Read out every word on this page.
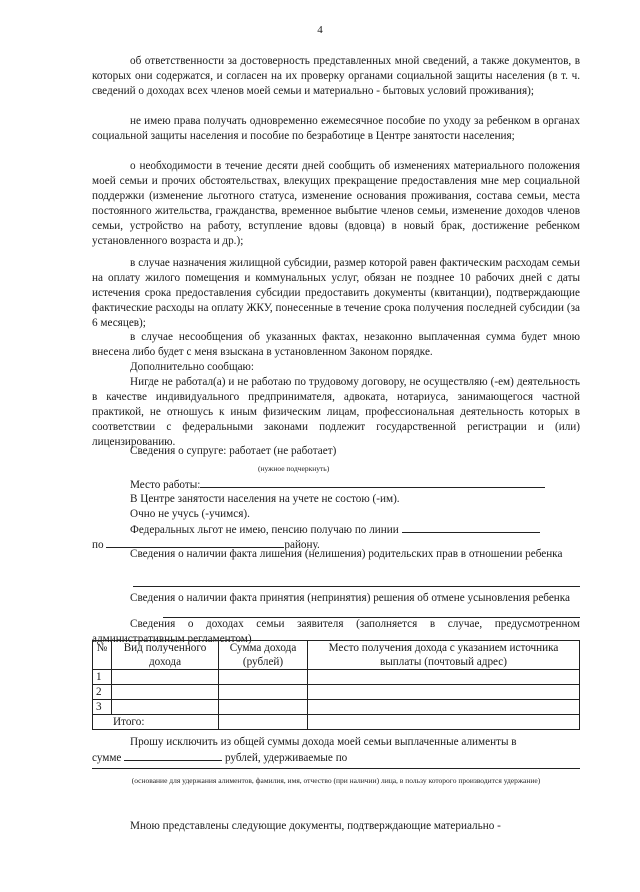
4
об ответственности за достоверность представленных мной сведений, а также документов, в которых они содержатся, и согласен на их проверку органами социальной защиты населения (в т. ч. сведений о доходах всех членов моей семьи и материально - бытовых условий проживания);
не имею права получать одновременно ежемесячное пособие по уходу за ребенком в органах социальной защиты населения и пособие по безработице в Центре занятости населения;
о необходимости в течение десяти дней сообщить об изменениях материального положения моей семьи и прочих обстоятельствах, влекущих прекращение предоставления мне мер социальной поддержки (изменение льготного статуса, изменение основания проживания, состава семьи, места постоянного жительства, гражданства, временное выбытие членов семьи, изменение доходов членов семьи, устройство на работу, вступление вдовы (вдовца) в новый брак, достижение ребенком установленного возраста и др.);
в случае назначения жилищной субсидии, размер которой равен фактическим расходам семьи на оплату жилого помещения и коммунальных услуг, обязан не позднее 10 рабочих дней с даты истечения срока предоставления субсидии предоставить документы (квитанции), подтверждающие фактические расходы на оплату ЖКУ, понесенные в течение срока получения последней субсидии (за 6 месяцев);
в случае несообщения об указанных фактах, незаконно выплаченная сумма будет мною внесена либо будет с меня взыскана в установленном Законом порядке.
Дополнительно сообщаю:
Нигде не работал(а) и не работаю по трудовому договору, не осуществляю (-ем) деятельность в качестве индивидуального предпринимателя, адвоката, нотариуса, занимающегося частной практикой, не отношусь к иным физическим лицам, профессиональная деятельность которых в соответствии с федеральными законами подлежит государственной регистрации и (или) лицензированию.
Сведения о супруге: работает (не работает)
(нужное подчеркнуть)
Место работы:
В Центре занятости населения на учете не состою (-им).
Очно не учусь (-учимся).
Федеральных льгот не имею, пенсию получаю по линии
по	району.
Сведения о наличии факта лишения (нелишения) родительских прав в отношении ребенка
Сведения о наличии факта принятия (непринятия) решения об отмене усыновления ребенка
Сведения о доходах семьи заявителя (заполняется в случае, предусмотренном административным регламентом)
№	Вид полученного дохода	Сумма дохода (рублей)	Место получения дохода с указанием источника выплаты (почтовый адрес)
1			
2			
3			
Итого:			
Прошу исключить из общей суммы дохода моей семьи выплаченные алименты в
сумме	рублей, удерживаемые по
(основание для удержания алиментов, фамилия, имя, отчество (при наличии) лица, в пользу которого производится удержание)
Мною представлены следующие документы, подтверждающие материально -
